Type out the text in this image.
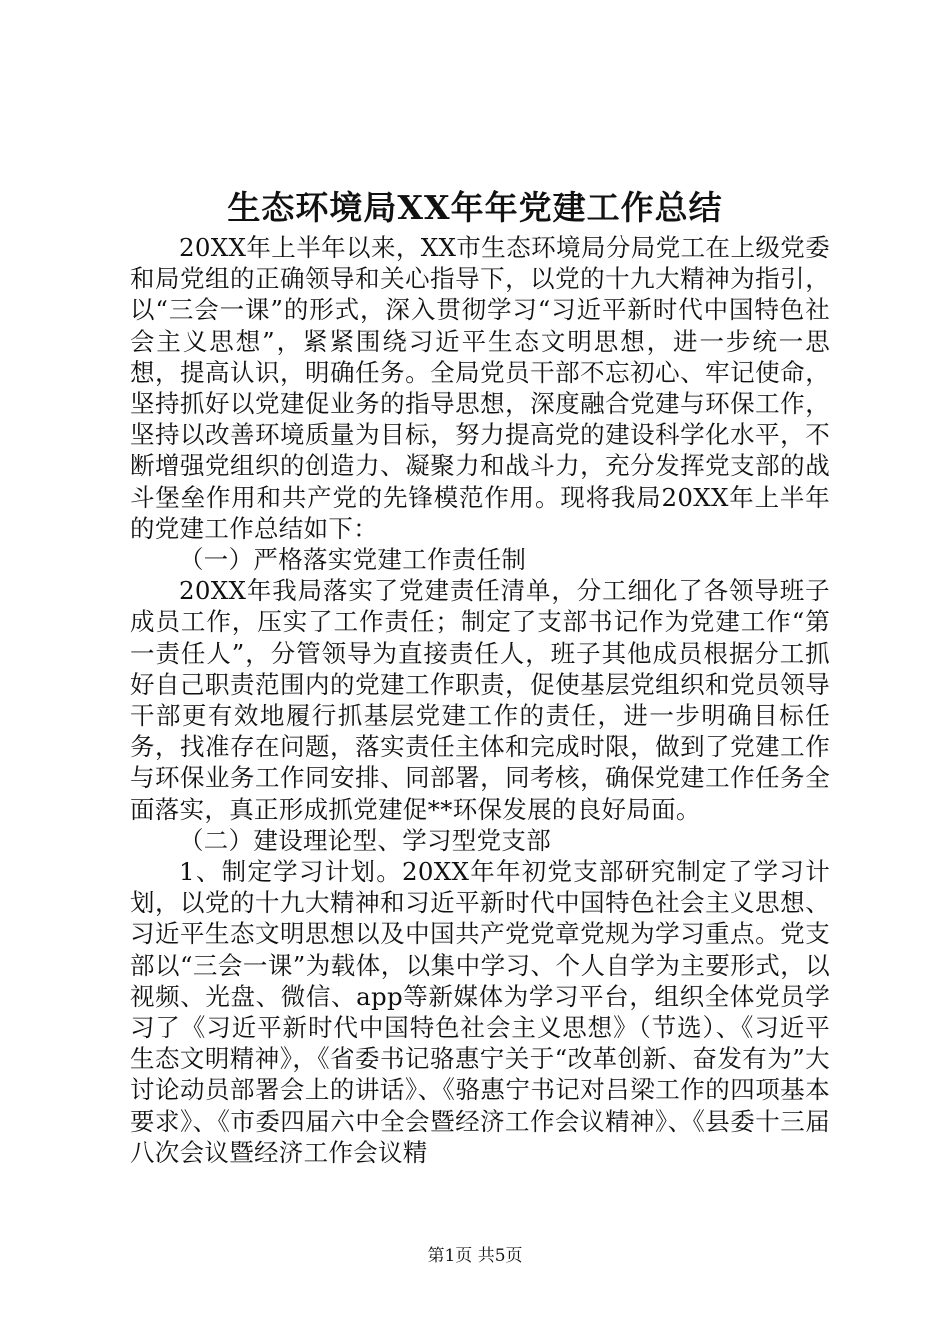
生态环境局XX年年党建工作总结

20XX年上半年以来，XX市生态环境局分局党工在上级党委和局党组的正确领导和关心指导下，以党的十九大精神为指引，以“三会一课”的形式，深入贯彻学习“习近平新时代中国特色社会主义思想”，紧紧围绕习近平生态文明思想，进一步统一思想，提高认识，明确任务。全局党员干部不忘初心、牢记使命，坚持抓好以党建促业务的指导思想，深度融合党建与环保工作，坚持以改善环境质量为目标，努力提高党的建设科学化水平，不断增强党组织的创造力、凝聚力和战斗力，充分发挥党支部的战斗堡垒作用和共产党的先锋模范作用。现将我局20XX年上半年的党建工作总结如下：

（一）严格落实党建工作责任制

20XX年我局落实了党建责任清单，分工细化了各领导班子成员工作，压实了工作责任；制定了支部书记作为党建工作“第一责任人”，分管领导为直接责任人，班子其他成员根据分工抓好自己职责范围内的党建工作职责，促使基层党组织和党员领导干部更有效地履行抓基层党建工作的责任，进一步明确目标任务，找准存在问题，落实责任主体和完成时限，做到了党建工作与环保业务工作同安排、同部署，同考核，确保党建工作任务全面落实，真正形成抓党建促**环保发展的良好局面。

（二）建设理论型、学习型党支部

1、制定学习计划。20XX年年初党支部研究制定了学习计划，以党的十九大精神和习近平新时代中国特色社会主义思想、习近平生态文明思想以及中国共产党党章党规为学习重点。党支部以“三会一课”为载体，以集中学习、个人自学为主要形式，以视频、光盘、微信、app等新媒体为学习平台，组织全体党员学习了《习近平新时代中国特色社会主义思想》（节选）、《习近平生态文明精神》，《省委书记骆惠宁关于“改革创新、奋发有为”大讨论动员部署会上的讲话》、《骆惠宁书记对吕梁工作的四项基本要求》、《市委四届六中全会暨经济工作会议精神》、《县委十三届八次会议暨经济工作会议精

第1页 共5页
